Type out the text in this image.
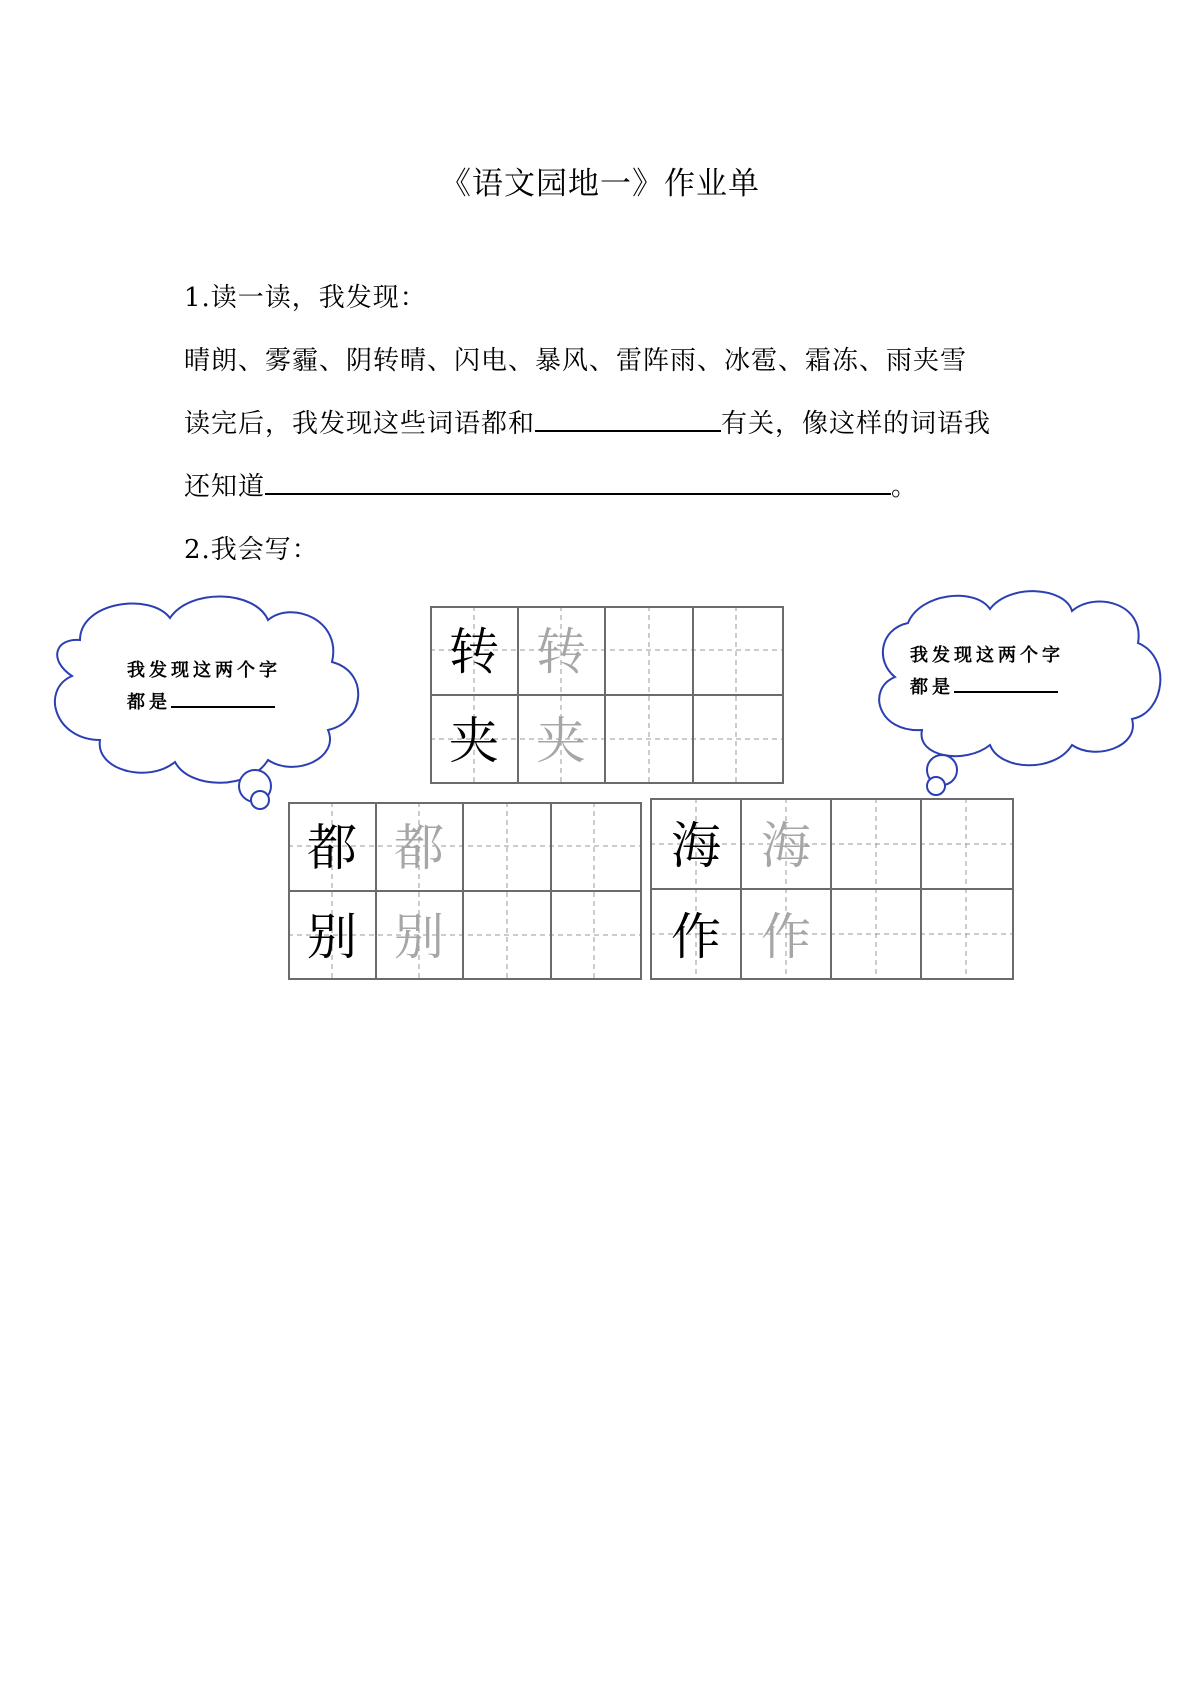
《语文园地一》作业单
1.读一读，我发现：
晴朗、雾霾、阴转晴、闪电、暴风、雷阵雨、冰雹、霜冻、雨夹雪
读完后，我发现这些词语都和	有关，像这样的词语我
还知道	。
2.我会写：
我发现这两个字
都是
我发现这两个字
都是
转 转
夹 夹
都 都
别 别
海 海
作 作
